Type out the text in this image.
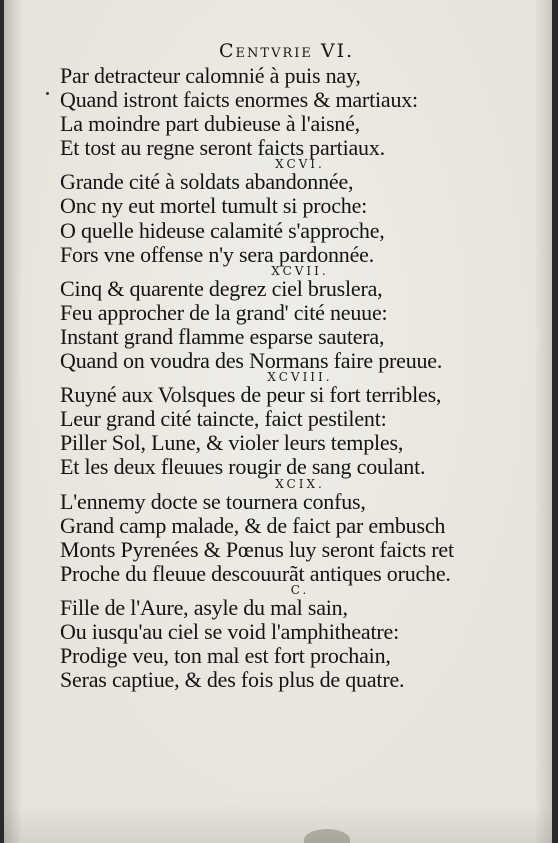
Centvrie VI.
Par detracteur calomnié à puis nay,
Quand istront faicts enormes & martiaux:
La moindre part dubieuse à l'aisné,
Et tost au regne seront faicts partiaux.
XCVI.
Grande cité à soldats abandonnée,
Onc ny eut mortel tumult si proche:
O quelle hideuse calamité s'approche,
Fors vne offense n'y sera pardonnée.
XCVII.
Cinq & quarente degrez ciel bruslera,
Feu approcher de la grand' cité neuue:
Instant grand flamme esparse sautera,
Quand on voudra des Normans faire preuue.
XCVIII.
Ruyné aux Volsques de peur si fort terribles,
Leur grand cité taincte, faict pestilent:
Piller Sol, Lune, & violer leurs temples,
Et les deux fleuues rougir de sang coulant.
XCIX.
L'ennemy docte se tournera confus,
Grand camp malade, & de faict par embusch
Monts Pyrenées & Pœnus luy seront faicts ret
Proche du fleuue descouurãt antiques oruche.
C.
Fille de l'Aure, asyle du mal sain,
Ou iusqu'au ciel se void l'amphitheatre:
Prodige veu, ton mal est fort prochain,
Seras captiue, & des fois plus de quatre.
